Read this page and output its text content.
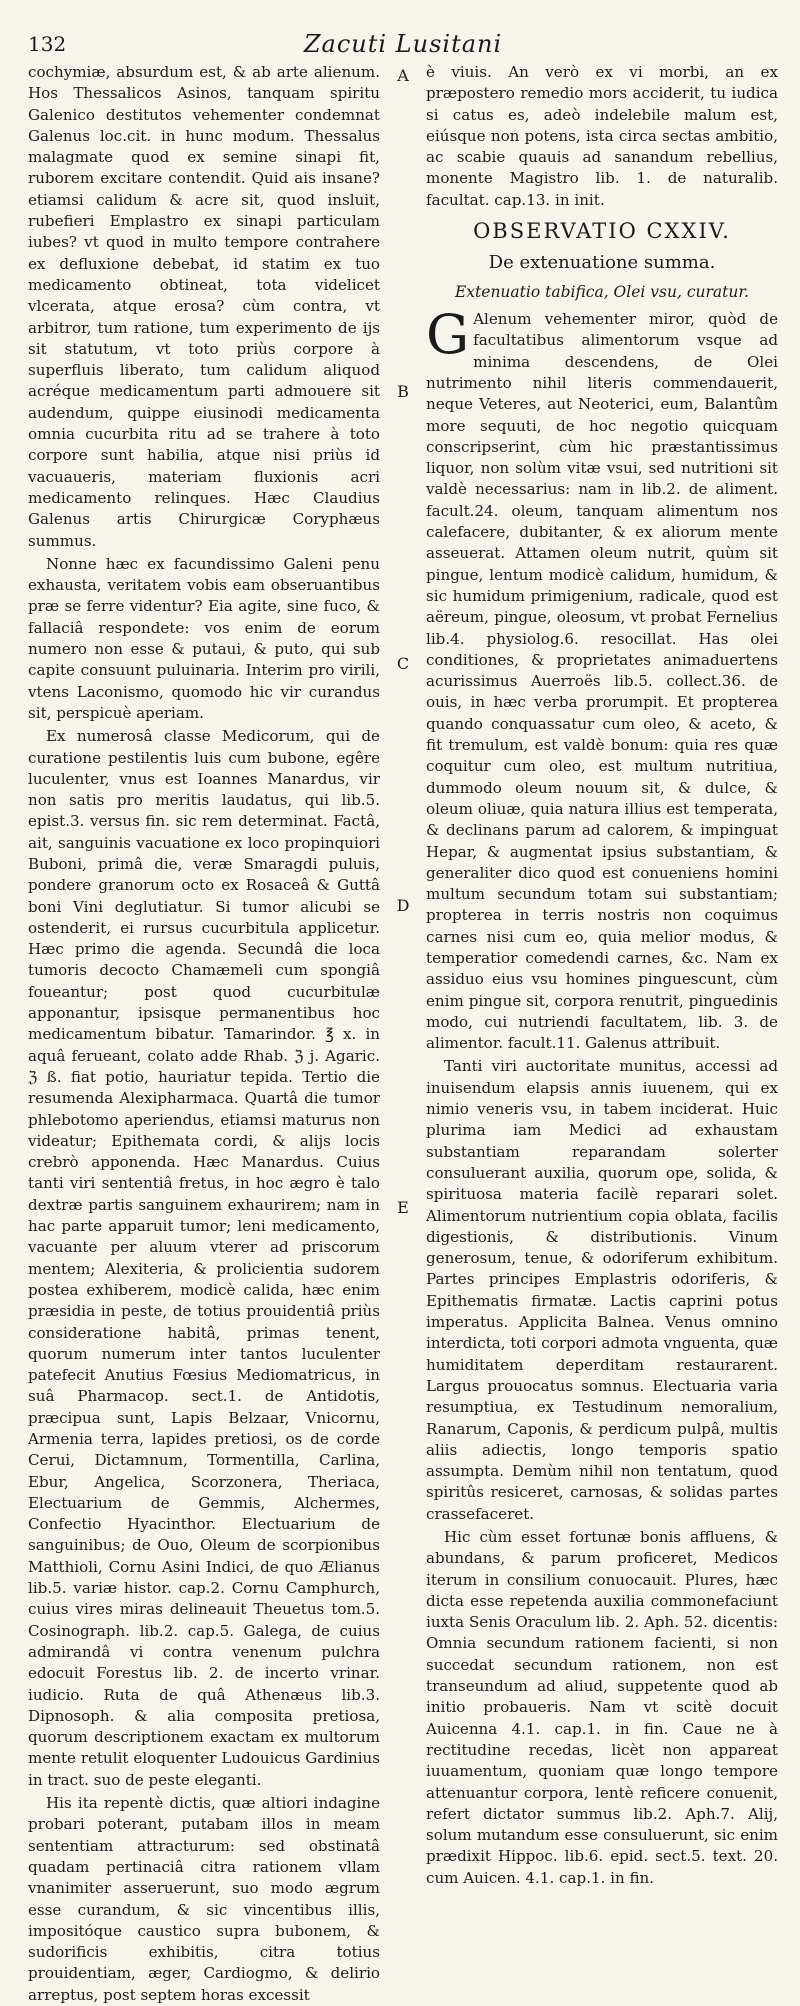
132	Zacuti Lusitani
A
B
C
D
E

cochymiæ, absurdum est, & ab arte alienum. Hos Thessalicos Asinos, tanquam spiritu Galenico destitutos vehementer condemnat Galenus loc.cit. in hunc modum. Thessalus malagmate quod ex semine sinapi fit, ruborem excitare contendit. Quid ais insane? etiamsi calidum & acre sit, quod insluit, rubefieri Emplastro ex sinapi particulam iubes? vt quod in multo tempore contrahere ex defluxione debebat, id statim ex tuo medicamento obtineat, tota videlicet vlcerata, atque erosa? cùm contra, vt arbitror, tum ratione, tum experimento de ijs sit statutum, vt toto priùs corpore à superfluis liberato, tum calidum aliquod acréque medicamentum parti admouere sit audendum, quippe eiusinodi medicamenta omnia cucurbita ritu ad se trahere à toto corpore sunt habilia, atque nisi priùs id vacuaueris, materiam fluxionis acri medicamento relinques. Hæc Claudius Galenus artis Chirurgicæ Coryphæus summus.

Nonne hæc ex facundissimo Galeni penu exhausta, veritatem vobis eam obseruantibus præ se ferre videntur? Eia agite, sine fuco, & fallaciâ respondete: vos enim de eorum numero non esse & putaui, & puto, qui sub capite consuunt puluinaria. Interim pro virili, vtens Laconismo, quomodo hic vir curandus sit, perspicuè aperiam.

Ex numerosâ classe Medicorum, qui de curatione pestilentis luis cum bubone, egêre luculenter, vnus est Ioannes Manardus, vir non satis pro meritis laudatus, qui lib.5. epist.3. versus fin. sic rem determinat. Factâ, ait, sanguinis vacuatione ex loco propinquiori Buboni, primâ die, veræ Smaragdi puluis, pondere granorum octo ex Rosaceâ & Guttâ boni Vini deglutiatur. Si tumor alicubi se ostenderit, ei rursus cucurbitula applicetur. Hæc primo die agenda. Secundâ die loca tumoris decocto Chamæmeli cum spongiâ foueantur; post quod cucurbitulæ apponantur, ipsisque permanentibus hoc medicamentum bibatur. Tamarindor. ℥ x. in aquâ ferueant, colato adde Rhab. ℨ j. Agaric. ℨ ß. fiat potio, hauriatur tepida. Tertio die resumenda Alexipharmaca. Quartâ die tumor phlebotomo aperiendus, etiamsi maturus non videatur; Epithemata cordi, & alijs locis crebrò apponenda. Hæc Manardus. Cuius tanti viri sententiâ fretus, in hoc ægro è talo dextræ partis sanguinem exhaurirem; nam in hac parte apparuit tumor; leni medicamento, vacuante per aluum vterer ad priscorum mentem; Alexiteria, & prolicientia sudorem postea exhiberem, modicè calida, hæc enim præsidia in peste, de totius prouidentiâ priùs consideratione habitâ, primas tenent, quorum numerum inter tantos luculenter patefecit Anutius Fœsius Mediomatricus, in suâ Pharmacop. sect.1. de Antidotis, præcipua sunt, Lapis Belzaar, Vnicornu, Armenia terra, lapides pretiosi, os de corde Cerui, Dictamnum, Tormentilla, Carlina, Ebur, Angelica, Scorzonera, Theriaca, Electuarium de Gemmis, Alchermes, Confectio Hyacinthor. Electuarium de sanguinibus; de Ouo, Oleum de scorpionibus Matthioli, Cornu Asini Indici, de quo Ælianus lib.5. variæ histor. cap.2. Cornu Camphurch, cuius vires miras delineauit Theuetus tom.5. Cosinograph. lib.2. cap.5. Galega, de cuius admirandâ vi contra venenum pulchra edocuit Forestus lib. 2. de incerto vrinar. iudicio. Ruta de quâ Athenæus lib.3. Dipnosoph. & alia composita pretiosa, quorum descriptionem exactam ex multorum mente retulit eloquenter Ludouicus Gardinius in tract. suo de peste eleganti.

His ita repentè dictis, quæ altiori indagine probari poterant, putabam illos in meam sententiam attracturum: sed obstinatâ quadam pertinaciâ citra rationem vllam vnanimiter asseruerunt, suo modo ægrum esse curandum, & sic vincentibus illis, impositóque caustico supra bubonem, & sudorificis exhibitis, citra totius prouidentiam, æger, Cardiogmo, & delirio arreptus, post septem horas excessit

è viuis. An verò ex vi morbi, an ex præpostero remedio mors acciderit, tu iudica si catus es, adeò indelebile malum est, eiúsque non potens, ista circa sectas ambitio, ac scabie quauis ad sanandum rebellius, monente Magistro lib. 1. de naturalib. facultat. cap.13. in init.

OBSERVATIO CXXIV.
De extenuatione summa.
Extenuatio tabifica, Olei vsu, curatur.

G Alenum vehementer miror, quòd de facultatibus alimentorum vsque ad minima descendens, de Olei nutrimento nihil literis commendauerit, neque Veteres, aut Neoterici, eum, Balantûm more sequuti, de hoc negotio quicquam conscripserint, cùm hic præstantissimus liquor, non solùm vitæ vsui, sed nutritioni sit valdè necessarius: nam in lib.2. de aliment. facult.24. oleum, tanquam alimentum nos calefacere, dubitanter, & ex aliorum mente asseuerat. Attamen oleum nutrit, quùm sit pingue, lentum modicè calidum, humidum, & sic humidum primigenium, radicale, quod est aëreum, pingue, oleosum, vt probat Fernelius lib.4. physiolog.6. resocillat. Has olei conditiones, & proprietates animaduertens acurissimus Auerroës lib.5. collect.36. de ouis, in hæc verba prorumpit. Et propterea quando conquassatur cum oleo, & aceto, & fit tremulum, est valdè bonum: quia res quæ coquitur cum oleo, est multum nutritiua, dummodo oleum nouum sit, & dulce, & oleum oliuæ, quia natura illius est temperata, & declinans parum ad calorem, & impinguat Hepar, & augmentat ipsius substantiam, & generaliter dico quod est conueniens homini multum secundum totam sui substantiam; propterea in terris nostris non coquimus carnes nisi cum eo, quia melior modus, & temperatior comedendi carnes, &c. Nam ex assiduo eius vsu homines pinguescunt, cùm enim pingue sit, corpora renutrit, pinguedinis modo, cui nutriendi facultatem, lib. 3. de alimentor. facult.11. Galenus attribuit.

Tanti viri auctoritate munitus, accessi ad inuisendum elapsis annis iuuenem, qui ex nimio veneris vsu, in tabem inciderat. Huic plurima iam Medici ad exhaustam substantiam reparandam solerter consuluerant auxilia, quorum ope, solida, & spirituosa materia facilè reparari solet. Alimentorum nutrientium copia oblata, facilis digestionis, & distributionis. Vinum generosum, tenue, & odoriferum exhibitum. Partes principes Emplastris odoriferis, & Epithematis firmatæ. Lactis caprini potus imperatus. Applicita Balnea. Venus omnino interdicta, toti corpori admota vnguenta, quæ humiditatem deperditam restaurarent. Largus prouocatus somnus. Electuaria varia resumptiua, ex Testudinum nemoralium, Ranarum, Caponis, & perdicum pulpâ, multis aliis adiectis, longo temporis spatio assumpta. Demùm nihil non tentatum, quod spiritûs resiceret, carnosas, & solidas partes crassefaceret.

Hic cùm esset fortunæ bonis affluens, & abundans, & parum proficeret, Medicos iterum in consilium conuocauit. Plures, hæc dicta esse repetenda auxilia commonefaciunt iuxta Senis Oraculum lib. 2. Aph. 52. dicentis: Omnia secundum rationem facienti, si non succedat secundum rationem, non est transeundum ad aliud, suppetente quod ab initio probaueris. Nam vt scitè docuit Auicenna 4.1. cap.1. in fin. Caue ne à rectitudine recedas, licèt non appareat iuuamentum, quoniam quæ longo tempore attenuantur corpora, lentè reficere conuenit, refert dictator summus lib.2. Aph.7. Alij, solum mutandum esse consuluerunt, sic enim prædixit Hippoc. lib.6. epid. sect.5. text. 20. cum Auicen. 4.1. cap.1. in fin.
